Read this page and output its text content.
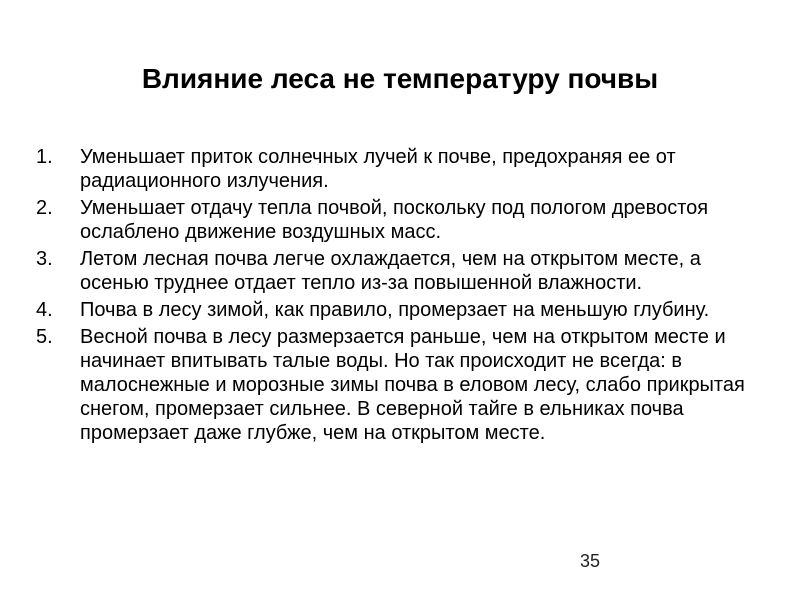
Влияние леса не температуру почвы
1. Уменьшает приток солнечных лучей к почве, предохраняя ее от радиационного излучения.
2. Уменьшает отдачу тепла почвой, поскольку под пологом древостоя ослаблено движение воздушных масс.
3. Летом лесная почва легче охлаждается, чем на открытом месте, а осенью труднее отдает тепло из-за повышенной влажности.
4. Почва в лесу зимой, как правило, промерзает на меньшую глубину.
5. Весной почва в лесу размерзается раньше, чем на открытом месте и начинает впитывать талые воды. Но так происходит не всегда: в малоснежные и морозные зимы почва в еловом лесу, слабо прикрытая снегом, промерзает сильнее. В северной тайге в ельниках почва промерзает даже глубже, чем на открытом месте.
35
